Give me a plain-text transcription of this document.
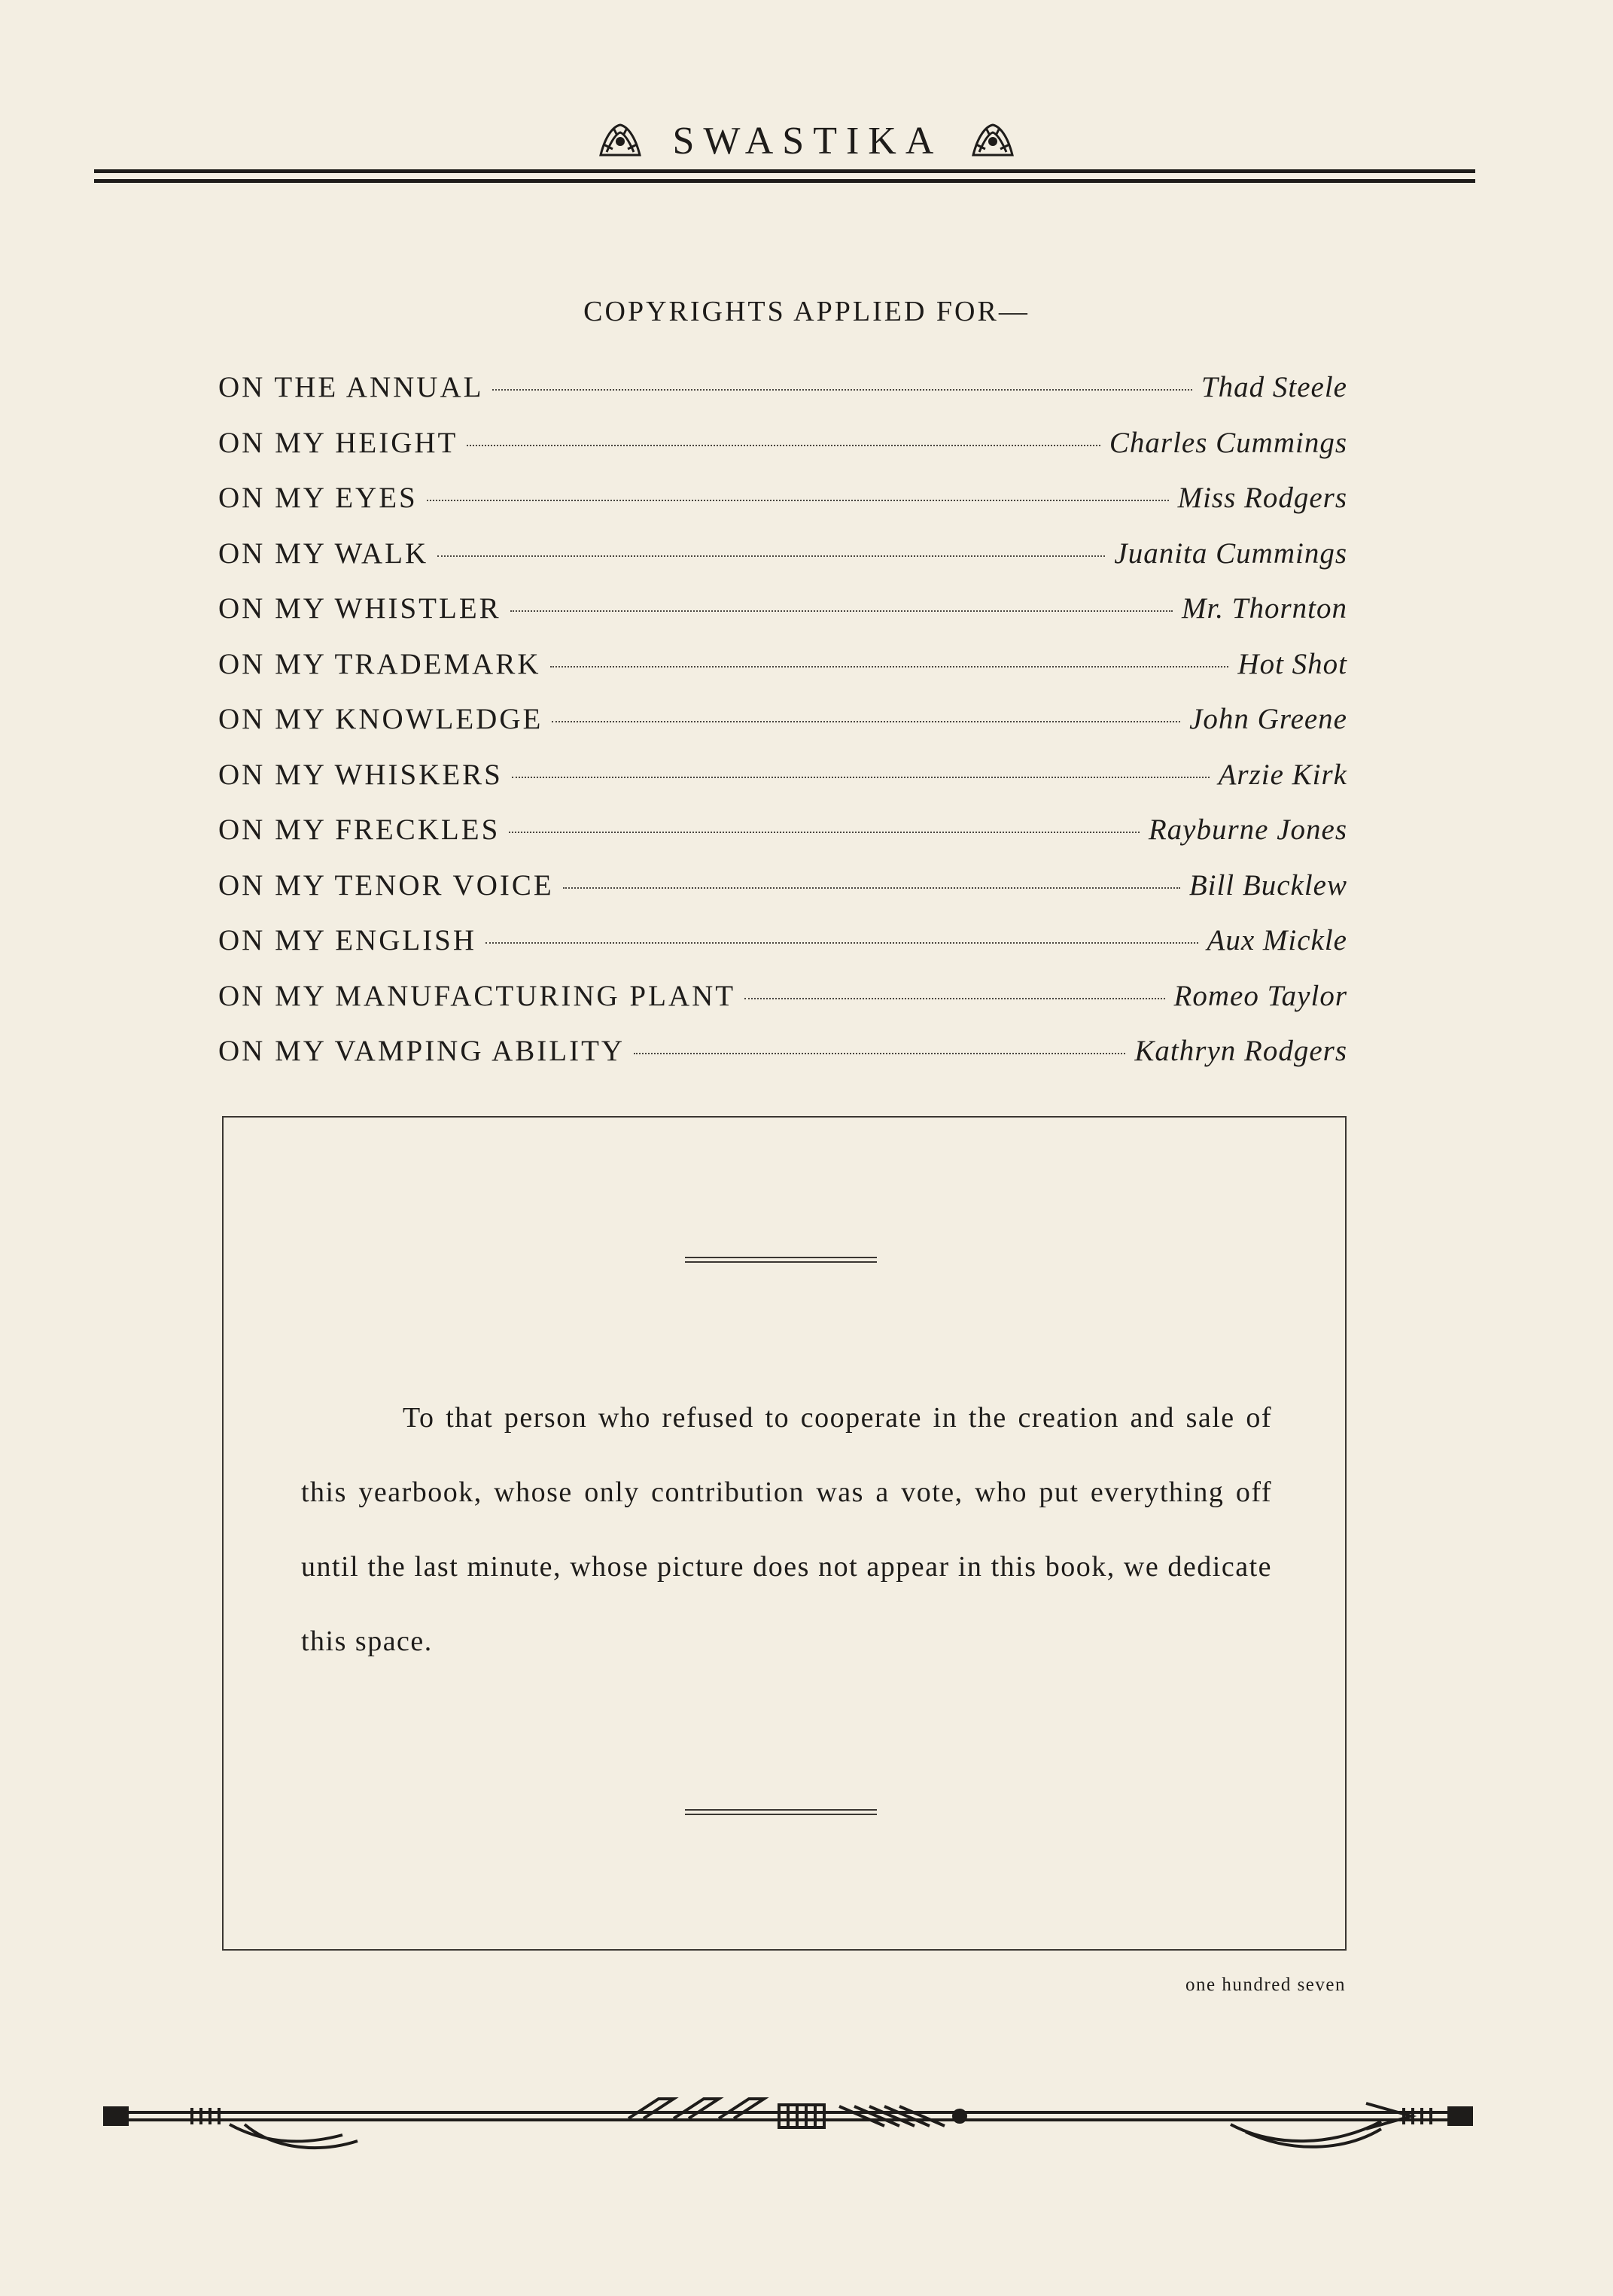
SWASTIKA
COPYRIGHTS APPLIED FOR—
ON THE ANNUAL	Thad Steele
ON MY HEIGHT	Charles Cummings
ON MY EYES	Miss Rodgers
ON MY WALK	Juanita Cummings
ON MY WHISTLER	Mr. Thornton
ON MY TRADEMARK	Hot Shot
ON MY KNOWLEDGE	John Greene
ON MY WHISKERS	Arzie Kirk
ON MY FRECKLES	Rayburne Jones
ON MY TENOR VOICE	Bill Bucklew
ON MY ENGLISH	Aux Mickle
ON MY MANUFACTURING PLANT	Romeo Taylor
ON MY VAMPING ABILITY	Kathryn Rodgers
To that person who refused to cooperate in the creation and sale of this yearbook, whose only contribution was a vote, who put everything off until the last minute, whose picture does not appear in this book, we dedicate this space.
one hundred seven
